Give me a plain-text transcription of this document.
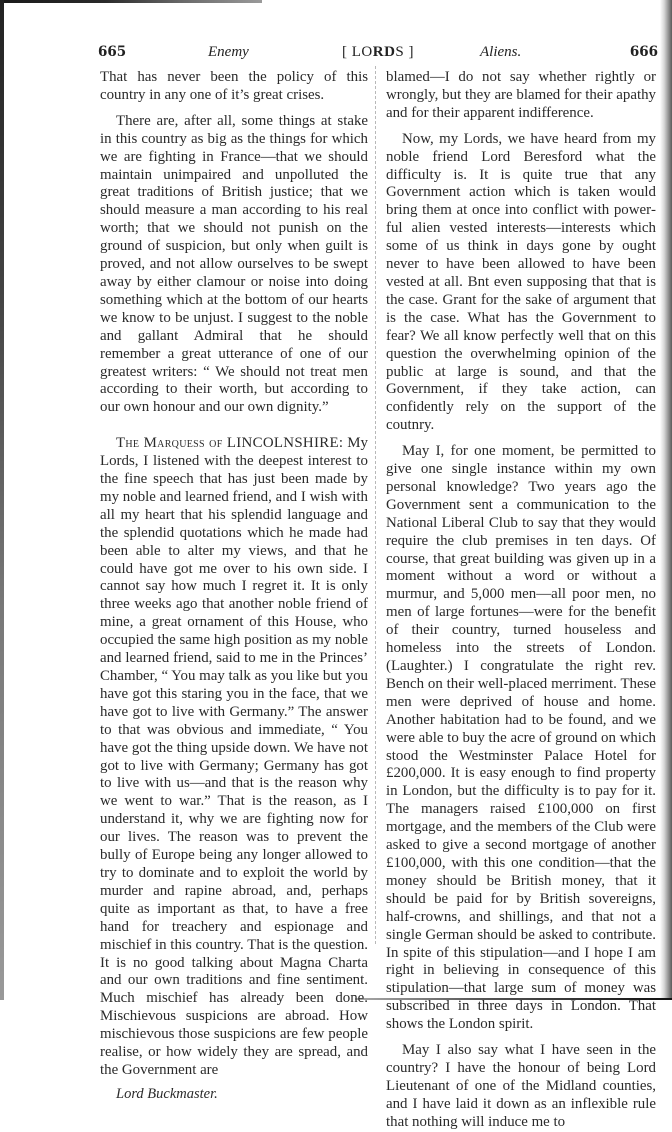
665	Enemy	[ LORDS ]	Aliens.	666

That has never been the policy of this country in any one of it’s great crises.

There are, after all, some things at stake in this country as big as the things for which we are fighting in France—that we should maintain unimpaired and unpolluted the great traditions of British justice; that we should measure a man according to his real worth; that we should not punish on the ground of suspicion, but only when guilt is proved, and not allow ourselves to be swept away by either clamour or noise into doing something which at the bottom of our hearts we know to be unjust. I suggest to the noble and gallant Admiral that he should remember a great utterance of one of our greatest writers: “ We should not treat men according to their worth, but according to our own honour and our own dignity.”

The Marquess of LINCOLNSHIRE: My Lords, I listened with the deepest interest to the fine speech that has just been made by my noble and learned friend, and I wish with all my heart that his splendid language and the splendid quotations which he made had been able to alter my views, and that he could have got me over to his own side. I cannot say how much I regret it. It is only three weeks ago that another noble friend of mine, a great ornament of this House, who occupied the same high position as my noble and learned friend, said to me in the Princes’ Chamber, “ You may talk as you like but you have got this staring you in the face, that we have got to live with Germany.” The answer to that was obvious and immediate, “ You have got the thing upside down. We have not got to live with Germany; Germany has got to live with us—and that is the reason why we went to war.” That is the reason, as I understand it, why we are fighting now for our lives. The reason was to prevent the bully of Europe being any longer allowed to try to dominate and to exploit the world by murder and rapine abroad, and, perhaps quite as important as that, to have a free hand for treachery and espionage and mischief in this country. That is the question. It is no good talking about Magna Charta and our own traditions and fine sentiment. Much mischief has already been done. Mischievous suspicions are abroad. How mischievous those suspicions are few people realise, or how widely they are spread, and the Government are

Lord Buckmaster.

blamed—I do not say whether rightly or wrongly, but they are blamed for their apathy and for their apparent indifference.

Now, my Lords, we have heard from my noble friend Lord Beresford what the difficulty is. It is quite true that any Government action which is taken would bring them at once into conflict with powerful alien vested interests—interests which some of us think in days gone by ought never to have been allowed to have been vested at all. Bnt even supposing that that is the case. Grant for the sake of argument that is the case. What has the Government to fear? We all know perfectly well that on this question the overwhelming opinion of the public at large is sound, and that the Government, if they take action, can confidently rely on the support of the coutnry.

May I, for one moment, be permitted to give one single instance within my own personal knowledge? Two years ago the Government sent a communication to the National Liberal Club to say that they would require the club premises in ten days. Of course, that great building was given up in a moment without a word or without a murmur, and 5,000 men—all poor men, no men of large fortunes—were for the benefit of their country, turned houseless and homeless into the streets of London. (Laughter.) I congratulate the right rev. Bench on their well-placed merriment. These men were deprived of house and home. Another habitation had to be found, and we were able to buy the acre of ground on which stood the Westminster Palace Hotel for £200,000. It is easy enough to find property in London, but the difficulty is to pay for it. The managers raised £100,000 on first mortgage, and the members of the Club were asked to give a second mortgage of another £100,000, with this one condition—that the money should be British money, that it should be paid for by British sovereigns, half-crowns, and shillings, and that not a single German should be asked to contribute. In spite of this stipulation—and I hope I am right in believing in consequence of this stipulation—that large sum of money was subscribed in three days in London. That shows the London spirit.

May I also say what I have seen in the country? I have the honour of being Lord Lieutenant of one of the Midland counties, and I have laid it down as an inflexible rule that nothing will induce me to
